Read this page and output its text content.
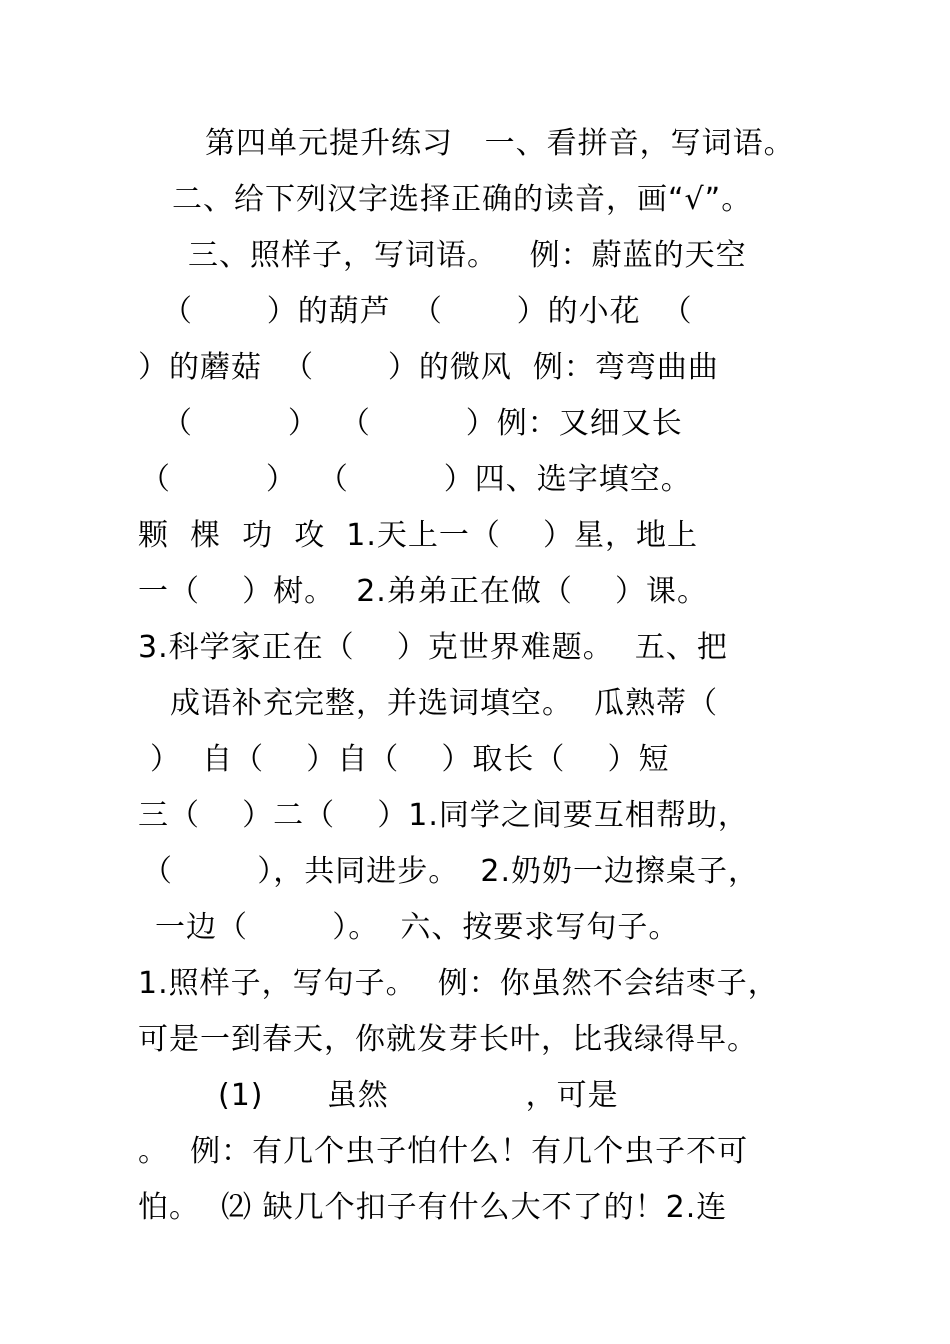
第四单元提升练习   一、看拼音，写词语。
二、给下列汉字选择正确的读音，画“√”。
三、照样子，写词语。   例：蔚蓝的天空
（       ）的葫芦  （       ）的小花  （
）的蘑菇  （       ）的微风  例：弯弯曲曲
（         ）  （         ）例：又细又长
（         ）  （         ）四、选字填空。
颗  棵  功  攻  1.天上一（    ）星，地上
一（    ）树。  2.弟弟正在做（    ）课。
3.科学家正在（    ）克世界难题。  五、把
成语补充完整，并选词填空。  瓜熟蒂（
）  自（    ）自（    ）取长（    ）短
三（    ）二（    ）1.同学之间要互相帮助，
（        ），共同进步。  2.奶奶一边擦桌子，
一边（        ）。  六、按要求写句子。
1.照样子，写句子。  例：你虽然不会结枣子，
可是一到春天，你就发芽长叶，比我绿得早。
(1)      虽然             ，可是
。  例：有几个虫子怕什么！有几个虫子不可
怕。  ⑵ 缺几个扣子有什么大不了的！2.连
